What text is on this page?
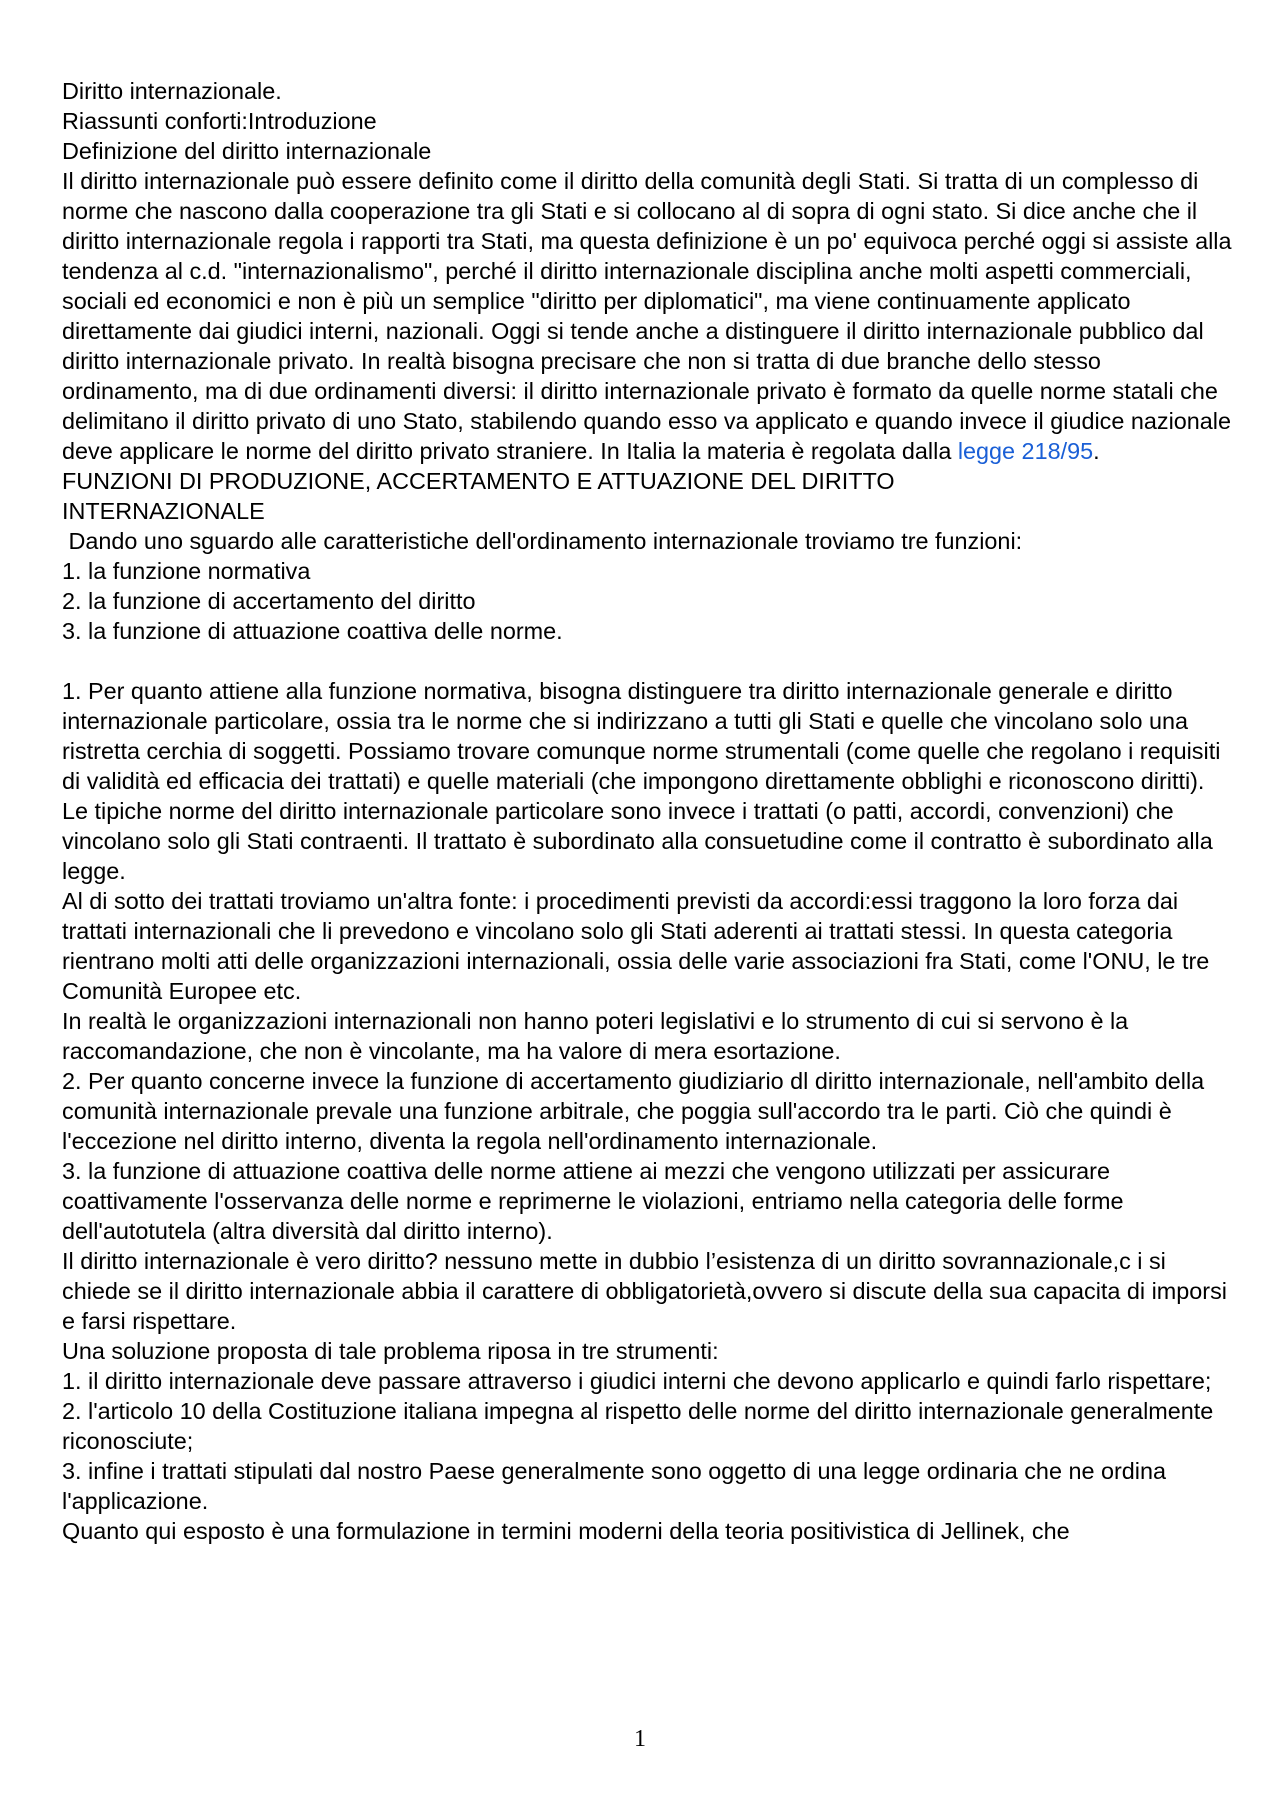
Diritto internazionale.
Riassunti conforti:Introduzione
Definizione del diritto internazionale
Il diritto internazionale può essere definito come il diritto della comunità degli Stati. Si tratta di un complesso di norme che nascono dalla cooperazione tra gli Stati e si collocano al di sopra di ogni stato. Si dice anche che il diritto internazionale regola i rapporti tra Stati, ma questa definizione è un po' equivoca perché oggi si assiste alla tendenza al c.d. "internazionalismo", perché il diritto internazionale disciplina anche molti aspetti commerciali, sociali ed economici e non è più un semplice "diritto per diplomatici", ma viene continuamente applicato direttamente dai giudici interni, nazionali. Oggi si tende anche a distinguere il diritto internazionale pubblico dal diritto internazionale privato. In realtà bisogna precisare che non si tratta di due branche dello stesso ordinamento, ma di due ordinamenti diversi: il diritto internazionale privato è formato da quelle norme statali che delimitano il diritto privato di uno Stato, stabilendo quando esso va applicato e quando invece il giudice nazionale deve applicare le norme del diritto privato straniere. In Italia la materia è regolata dalla legge 218/95.
FUNZIONI DI PRODUZIONE, ACCERTAMENTO E ATTUAZIONE DEL DIRITTO
INTERNAZIONALE
Dando uno sguardo alle caratteristiche dell'ordinamento internazionale troviamo tre funzioni:
1. la funzione normativa
2. la funzione di accertamento del diritto
3. la funzione di attuazione coattiva delle norme.
1. Per quanto attiene alla funzione normativa, bisogna distinguere tra diritto internazionale generale e diritto internazionale particolare, ossia tra le norme che si indirizzano a tutti gli Stati e quelle che vincolano solo una ristretta cerchia di soggetti. Possiamo trovare comunque norme strumentali (come quelle che regolano i requisiti di validità ed efficacia dei trattati) e quelle materiali (che impongono direttamente obblighi e riconoscono diritti).
Le tipiche norme del diritto internazionale particolare sono invece i trattati (o patti, accordi, convenzioni) che vincolano solo gli Stati contraenti. Il trattato è subordinato alla consuetudine come il contratto è subordinato alla legge.
Al di sotto dei trattati troviamo un'altra fonte: i procedimenti previsti da accordi:essi traggono la loro forza dai trattati internazionali che li prevedono e vincolano solo gli Stati aderenti ai trattati stessi. In questa categoria rientrano molti atti delle organizzazioni internazionali, ossia delle varie associazioni fra Stati, come l'ONU, le tre Comunità Europee etc.
In realtà le organizzazioni internazionali non hanno poteri legislativi e lo strumento di cui si servono è la raccomandazione, che non è vincolante, ma ha valore di mera esortazione.
2. Per quanto concerne invece la funzione di accertamento giudiziario dl diritto internazionale, nell'ambito della comunità internazionale prevale una funzione arbitrale, che poggia sull'accordo tra le parti. Ciò che quindi è l'eccezione nel diritto interno, diventa la regola nell'ordinamento internazionale.
3. la funzione di attuazione coattiva delle norme attiene ai mezzi che vengono utilizzati per assicurare coattivamente l'osservanza delle norme e reprimerne le violazioni, entriamo nella categoria delle forme dell'autotutela (altra diversità dal diritto interno).
Il diritto internazionale è vero diritto? nessuno mette in dubbio l’esistenza di un diritto sovrannazionale,c i si chiede se il diritto internazionale abbia il carattere di obbligatorietà,ovvero si discute della sua capacita di imporsi e farsi rispettare.
Una soluzione proposta di tale problema riposa in tre strumenti:
1. il diritto internazionale deve passare attraverso i giudici interni che devono applicarlo e quindi farlo rispettare;
2. l'articolo 10 della Costituzione italiana impegna al rispetto delle norme del diritto internazionale generalmente riconosciute;
3. infine i trattati stipulati dal nostro Paese generalmente sono oggetto di una legge ordinaria che ne ordina l'applicazione.
Quanto qui esposto è una formulazione in termini moderni della teoria positivistica di Jellinek, che
1
